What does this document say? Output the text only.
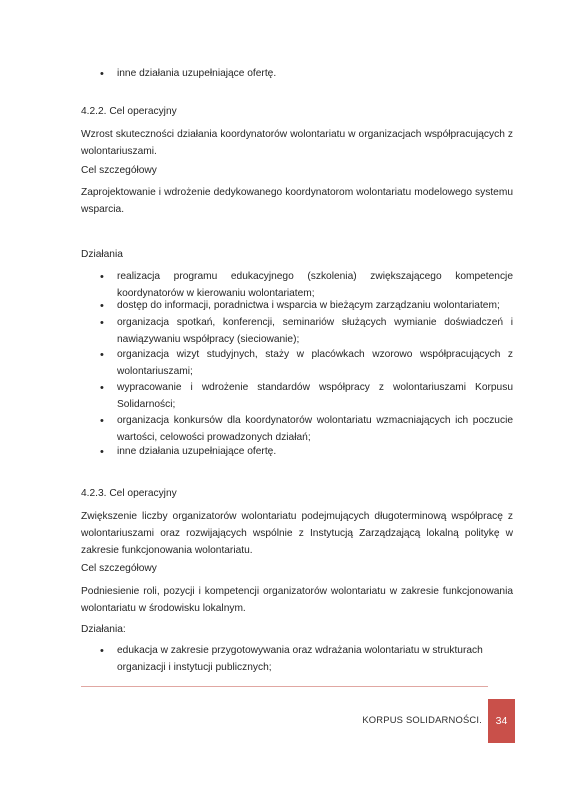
• inne działania uzupełniające ofertę.

4.2.2. Cel operacyjny

Wzrost skuteczności działania koordynatorów wolontariatu w organizacjach współpracujących z wolontariuszami.

Cel szczegółowy

Zaprojektowanie i wdrożenie dedykowanego koordynatorom wolontariatu modelowego systemu wsparcia.

Działania

• realizacja programu edukacyjnego (szkolenia) zwiększającego kompetencje koordynatorów w kierowaniu wolontariatem;
• dostęp do informacji, poradnictwa i wsparcia w bieżącym zarządzaniu wolontariatem;
• organizacja spotkań, konferencji, seminariów służących wymianie doświadczeń i nawiązywaniu współpracy (sieciowanie);
• organizacja wizyt studyjnych, staży w placówkach wzorowo współpracujących z wolontariuszami;
• wypracowanie i wdrożenie standardów współpracy z wolontariuszami Korpusu Solidarności;
• organizacja konkursów dla koordynatorów wolontariatu wzmacniających ich poczucie wartości, celowości prowadzonych działań;
• inne działania uzupełniające ofertę.

4.2.3. Cel operacyjny

Zwiększenie liczby organizatorów wolontariatu podejmujących długoterminową współpracę z wolontariuszami oraz rozwijających wspólnie z Instytucją Zarządzającą lokalną politykę w zakresie funkcjonowania wolontariatu.

Cel szczegółowy

Podniesienie roli, pozycji i kompetencji organizatorów wolontariatu w zakresie funkcjonowania wolontariatu w środowisku lokalnym.

Działania:

• edukacja w zakresie przygotowywania oraz wdrażania wolontariatu w strukturach organizacji i instytucji publicznych;
KORPUS SOLIDARNOŚCI. 34
